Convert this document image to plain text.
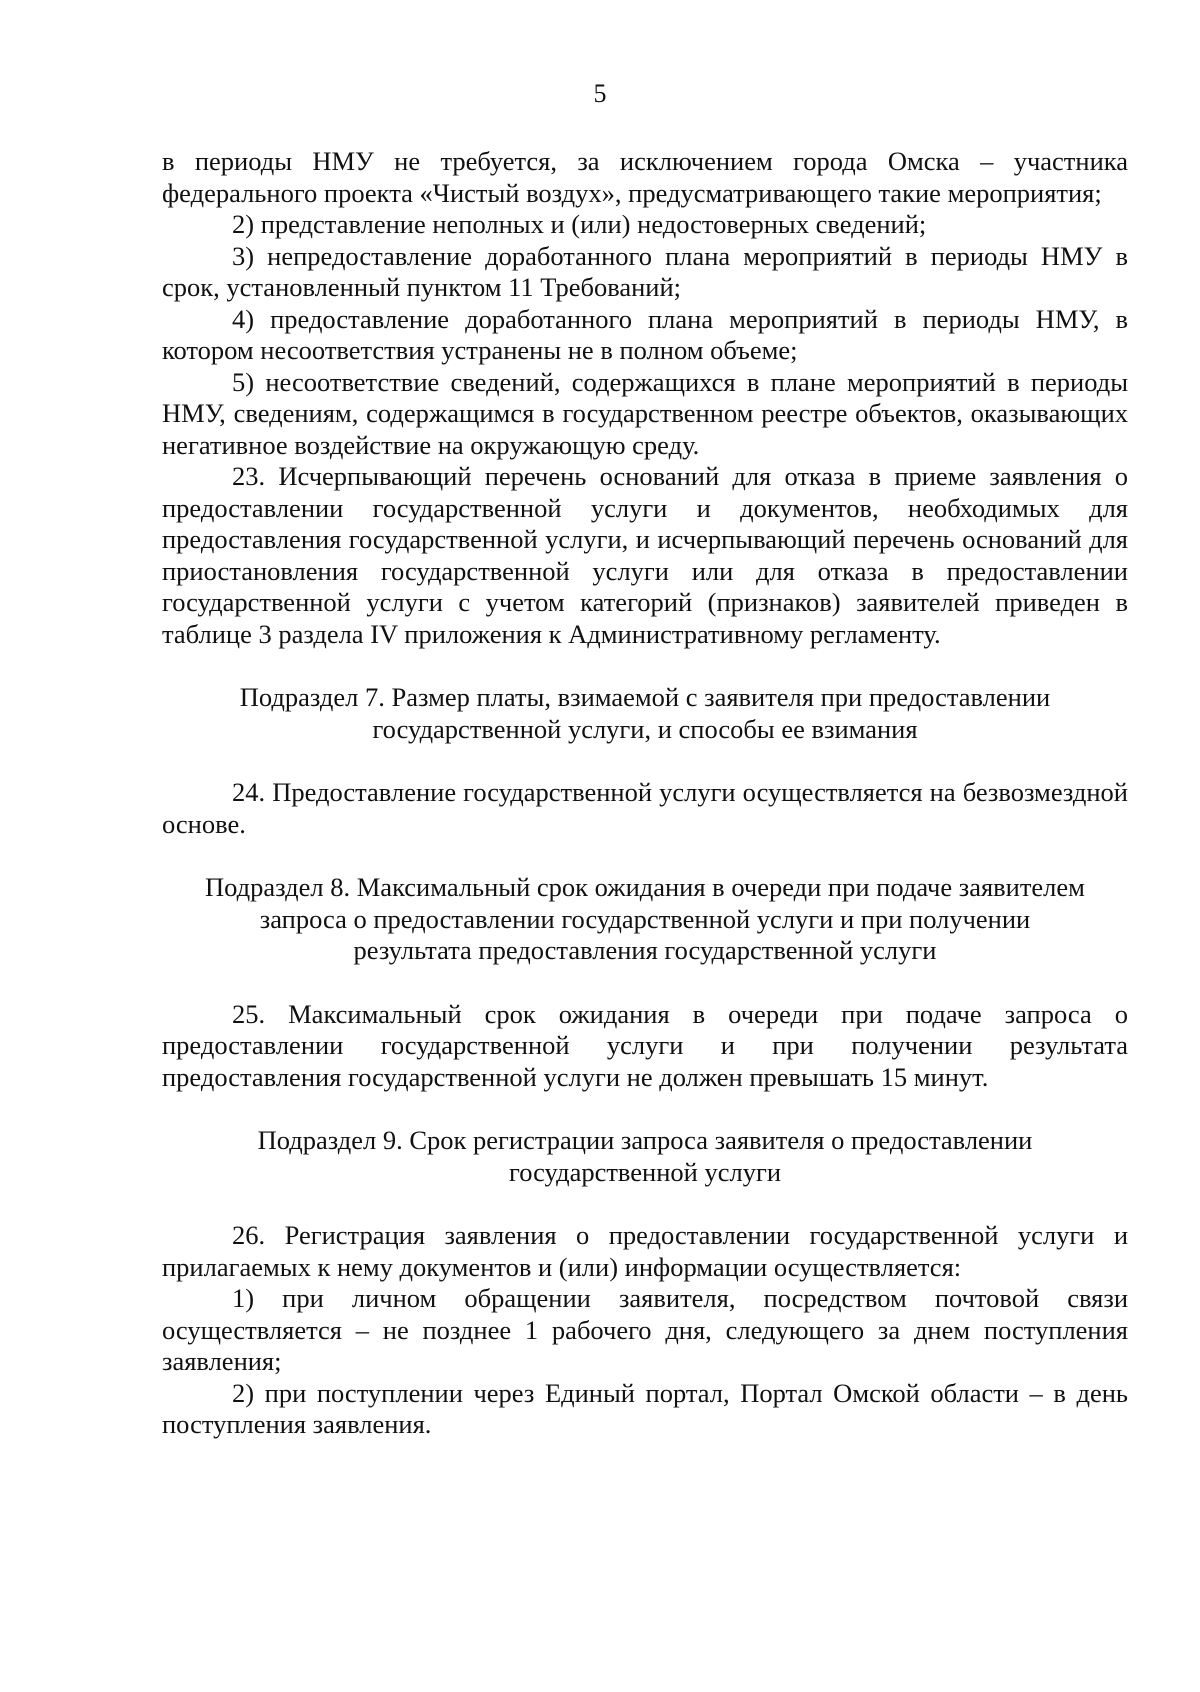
5

в периоды НМУ не требуется, за исключением города Омска – участника федерального проекта «Чистый воздух», предусматривающего такие мероприятия;

2) представление неполных и (или) недостоверных сведений;

3) непредоставление доработанного плана мероприятий в периоды НМУ в срок, установленный пунктом 11 Требований;

4) предоставление доработанного плана мероприятий в периоды НМУ, в котором несоответствия устранены не в полном объеме;

5) несоответствие сведений, содержащихся в плане мероприятий в периоды НМУ, сведениям, содержащимся в государственном реестре объектов, оказывающих негативное воздействие на окружающую среду.

23. Исчерпывающий перечень оснований для отказа в приеме заявления о предоставлении государственной услуги и документов, необходимых для предоставления государственной услуги, и исчерпывающий перечень оснований для приостановления государственной услуги или для отказа в предоставлении государственной услуги с учетом категорий (признаков) заявителей приведен в таблице 3 раздела IV приложения к Административному регламенту.

Подраздел 7. Размер платы, взимаемой с заявителя при предоставлении
государственной услуги, и способы ее взимания

24. Предоставление государственной услуги осуществляется на безвозмездной основе.

Подраздел 8. Максимальный срок ожидания в очереди при подаче заявителем
запроса о предоставлении государственной услуги и при получении
результата предоставления государственной услуги

25. Максимальный срок ожидания в очереди при подаче запроса о предоставлении государственной услуги и при получении результата предоставления государственной услуги не должен превышать 15 минут.

Подраздел 9. Срок регистрации запроса заявителя о предоставлении
государственной услуги

26. Регистрация заявления о предоставлении государственной услуги и прилагаемых к нему документов и (или) информации осуществляется:

1) при личном обращении заявителя, посредством почтовой связи осуществляется – не позднее 1 рабочего дня, следующего за днем поступления заявления;

2) при поступлении через Единый портал, Портал Омской области – в день поступления заявления.
